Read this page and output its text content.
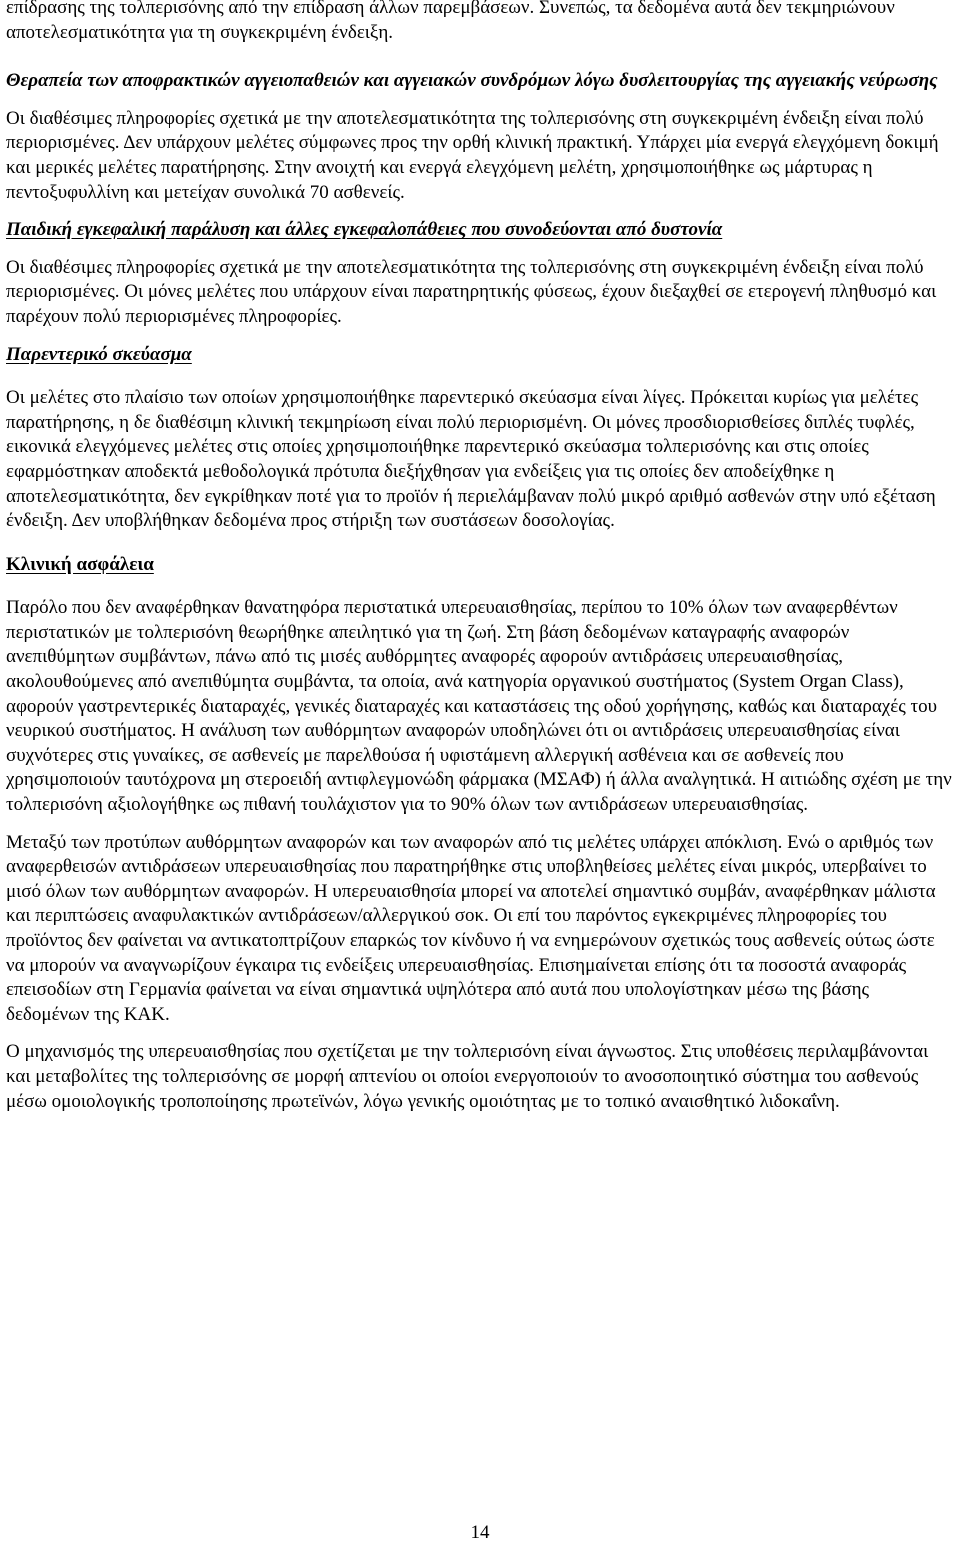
επίδρασης της τολπερισόνης από την επίδραση άλλων παρεμβάσεων. Συνεπώς, τα δεδομένα αυτά δεν τεκμηριώνουν αποτελεσματικότητα για τη συγκεκριμένη ένδειξη.

Θεραπεία των αποφρακτικών αγγειοπαθειών και αγγειακών συνδρόμων λόγω δυσλειτουργίας της αγγειακής νεύρωσης

Οι διαθέσιμες πληροφορίες σχετικά με την αποτελεσματικότητα της τολπερισόνης στη συγκεκριμένη ένδειξη είναι πολύ περιορισμένες. Δεν υπάρχουν μελέτες σύμφωνες προς την ορθή κλινική πρακτική. Υπάρχει μία ενεργά ελεγχόμενη δοκιμή και μερικές μελέτες παρατήρησης. Στην ανοιχτή και ενεργά ελεγχόμενη μελέτη, χρησιμοποιήθηκε ως μάρτυρας η πεντοξυφυλλίνη και μετείχαν συνολικά 70 ασθενείς.

Παιδική εγκεφαλική παράλυση και άλλες εγκεφαλοπάθειες που συνοδεύονται από δυστονία

Οι διαθέσιμες πληροφορίες σχετικά με την αποτελεσματικότητα της τολπερισόνης στη συγκεκριμένη ένδειξη είναι πολύ περιορισμένες. Οι μόνες μελέτες που υπάρχουν είναι παρατηρητικής φύσεως, έχουν διεξαχθεί σε ετερογενή πληθυσμό και παρέχουν πολύ περιορισμένες πληροφορίες.

Παρεντερικό σκεύασμα

Οι μελέτες στο πλαίσιο των οποίων χρησιμοποιήθηκε παρεντερικό σκεύασμα είναι λίγες. Πρόκειται κυρίως για μελέτες παρατήρησης, η δε διαθέσιμη κλινική τεκμηρίωση είναι πολύ περιορισμένη. Οι μόνες προσδιορισθείσες διπλές τυφλές, εικονικά ελεγχόμενες μελέτες στις οποίες χρησιμοποιήθηκε παρεντερικό σκεύασμα τολπερισόνης και στις οποίες εφαρμόστηκαν αποδεκτά μεθοδολογικά πρότυπα διεξήχθησαν για ενδείξεις για τις οποίες δεν αποδείχθηκε η αποτελεσματικότητα, δεν εγκρίθηκαν ποτέ για το προϊόν ή περιελάμβαναν πολύ μικρό αριθμό ασθενών στην υπό εξέταση ένδειξη. Δεν υποβλήθηκαν δεδομένα προς στήριξη των συστάσεων δοσολογίας.

Κλινική ασφάλεια

Παρόλο που δεν αναφέρθηκαν θανατηφόρα περιστατικά υπερευαισθησίας, περίπου το 10% όλων των αναφερθέντων περιστατικών με τολπερισόνη θεωρήθηκε απειλητικό για τη ζωή. Στη βάση δεδομένων καταγραφής αναφορών ανεπιθύμητων συμβάντων, πάνω από τις μισές αυθόρμητες αναφορές αφορούν αντιδράσεις υπερευαισθησίας, ακολουθούμενες από ανεπιθύμητα συμβάντα, τα οποία, ανά κατηγορία οργανικού συστήματος (System Organ Class), αφορούν γαστρεντερικές διαταραχές, γενικές διαταραχές και καταστάσεις της οδού χορήγησης, καθώς και διαταραχές του νευρικού συστήματος. Η ανάλυση των αυθόρμητων αναφορών υποδηλώνει ότι οι αντιδράσεις υπερευαισθησίας είναι συχνότερες στις γυναίκες, σε ασθενείς με παρελθούσα ή υφιστάμενη αλλεργική ασθένεια και σε ασθενείς που χρησιμοποιούν ταυτόχρονα μη στεροειδή αντιφλεγμονώδη φάρμακα (ΜΣΑΦ) ή άλλα αναλγητικά. Η αιτιώδης σχέση με την τολπερισόνη αξιολογήθηκε ως πιθανή τουλάχιστον για το 90% όλων των αντιδράσεων υπερευαισθησίας.

Μεταξύ των προτύπων αυθόρμητων αναφορών και των αναφορών από τις μελέτες υπάρχει απόκλιση. Ενώ ο αριθμός των αναφερθεισών αντιδράσεων υπερευαισθησίας που παρατηρήθηκε στις υποβληθείσες μελέτες είναι μικρός, υπερβαίνει το μισό όλων των αυθόρμητων αναφορών. Η υπερευαισθησία μπορεί να αποτελεί σημαντικό συμβάν, αναφέρθηκαν μάλιστα και περιπτώσεις αναφυλακτικών αντιδράσεων/αλλεργικού σοκ. Οι επί του παρόντος εγκεκριμένες πληροφορίες του προϊόντος δεν φαίνεται να αντικατοπτρίζουν επαρκώς τον κίνδυνο ή να ενημερώνουν σχετικώς τους ασθενείς ούτως ώστε να μπορούν να αναγνωρίζουν έγκαιρα τις ενδείξεις υπερευαισθησίας. Επισημαίνεται επίσης ότι τα ποσοστά αναφοράς επεισοδίων στη Γερμανία φαίνεται να είναι σημαντικά υψηλότερα από αυτά που υπολογίστηκαν μέσω της βάσης δεδομένων της ΚΑΚ.

Ο μηχανισμός της υπερευαισθησίας που σχετίζεται με την τολπερισόνη είναι άγνωστος. Στις υποθέσεις περιλαμβάνονται και μεταβολίτες της τολπερισόνης σε μορφή απτενίου οι οποίοι ενεργοποιούν το ανοσοποιητικό σύστημα του ασθενούς μέσω ομοιολογικής τροποποίησης πρωτεϊνών, λόγω γενικής ομοιότητας με το τοπικό αναισθητικό λιδοκαΐνη.

14
